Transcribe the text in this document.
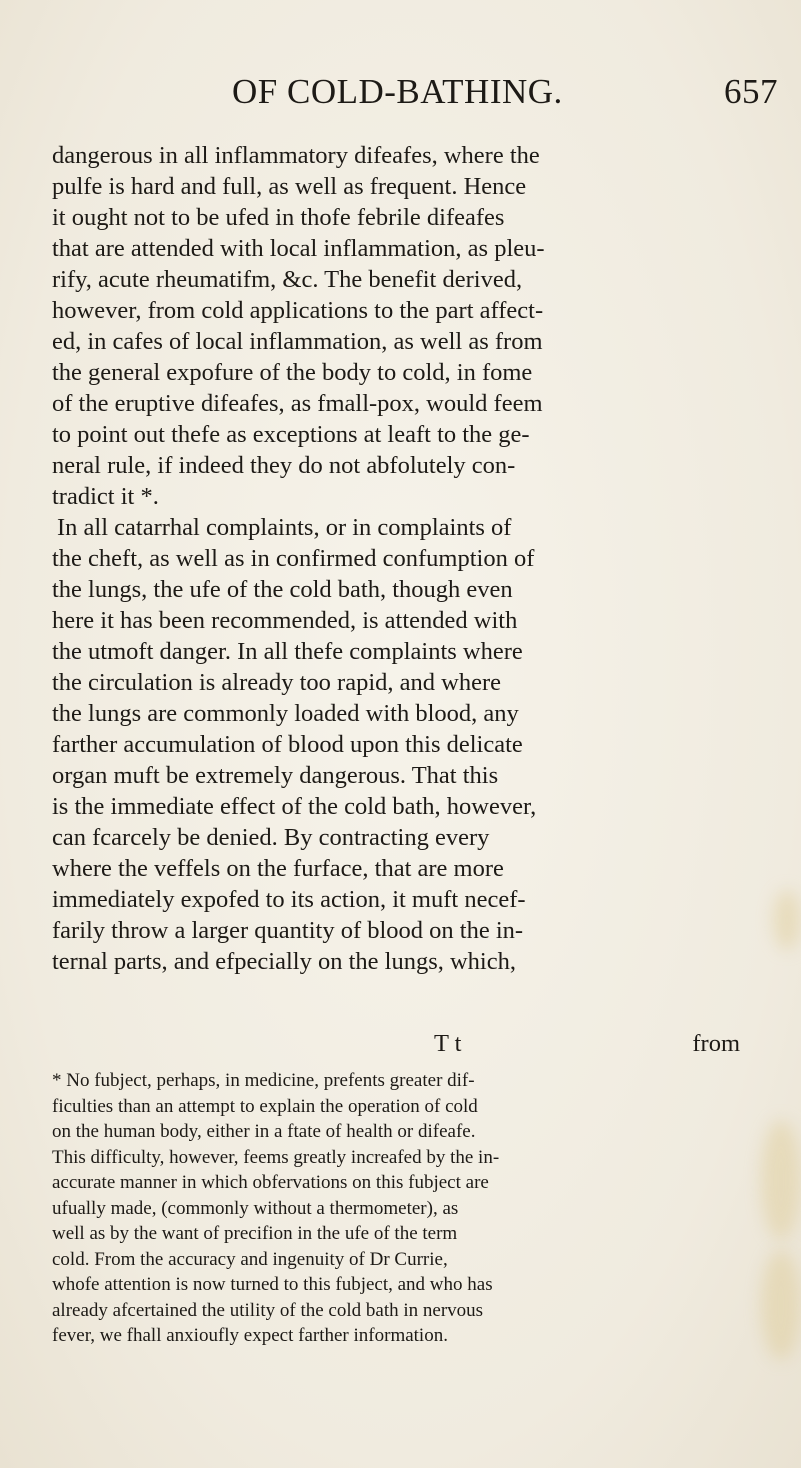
OF COLD-BATHING.	657
dangerous in all inflammatory difeafes, where the
pulfe is hard and full, as well as frequent. Hence
it ought not to be ufed in thofe febrile difeafes
that are attended with local inflammation, as pleu-
rify, acute rheumatifm, &c. The benefit derived,
however, from cold applications to the part affect-
ed, in cafes of local inflammation, as well as from
the general expofure of the body to cold, in fome
of the eruptive difeafes, as fmall-pox, would feem
to point out thefe as exceptions at leaft to the ge-
neral rule, if indeed they do not abfolutely con-
tradict it *.
In all catarrhal complaints, or in complaints of
the cheft, as well as in confirmed confumption of
the lungs, the ufe of the cold bath, though even
here it has been recommended, is attended with
the utmoft danger. In all thefe complaints where
the circulation is already too rapid, and where
the lungs are commonly loaded with blood, any
farther accumulation of blood upon this delicate
organ muft be extremely dangerous. That this
is the immediate effect of the cold bath, however,
can fcarcely be denied. By contracting every
where the veffels on the furface, that are more
immediately expofed to its action, it muft necef-
farily throw a larger quantity of blood on the in-
ternal parts, and efpecially on the lungs, which,
T t	from
* No fubject, perhaps, in medicine, prefents greater dif-
ficulties than an attempt to explain the operation of cold
on the human body, either in a ftate of health or difeafe.
This difficulty, however, feems greatly increafed by the in-
accurate manner in which obfervations on this fubject are
ufually made, (commonly without a thermometer), as
well as by the want of precifion in the ufe of the term
cold. From the accuracy and ingenuity of Dr Currie,
whofe attention is now turned to this fubject, and who has
already afcertained the utility of the cold bath in nervous
fever, we fhall anxioufly expect farther information.
